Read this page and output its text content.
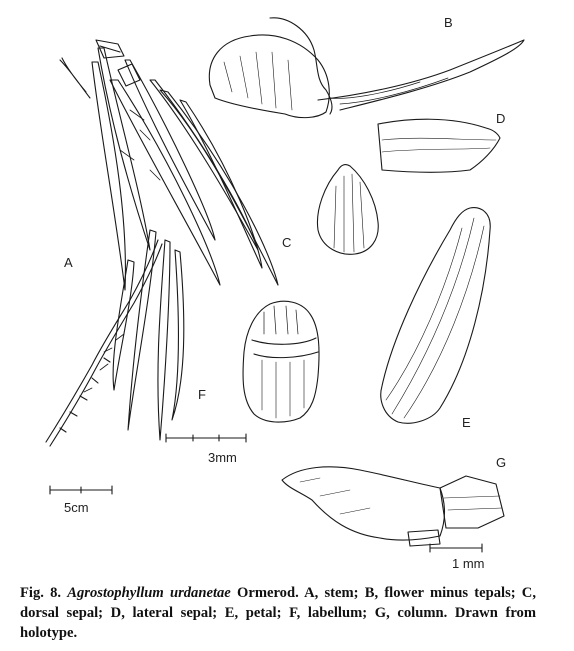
A
B
C
D
E
F
G
5cm
3mm
1 mm
Fig. 8. Agrostophyllum urdanetae Ormerod. A, stem; B, flower minus tepals; C, dorsal sepal; D, lateral sepal; E, petal; F, labellum; G, column. Drawn from holotype.
